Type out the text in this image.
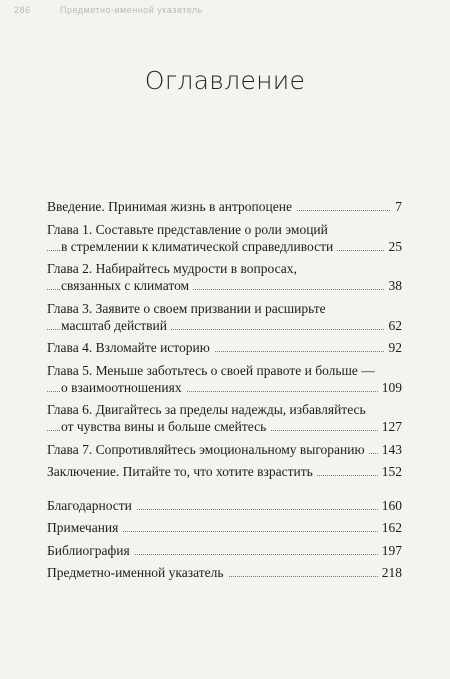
286	Предметно-именной указатель
Оглавление
Введение. Принимая жизнь в антропоцене	7
Глава 1. Составьте представление о роли эмоций
в стремлении к климатической справедливости	25
Глава 2. Набирайтесь мудрости в вопросах,
связанных с климатом	38
Глава 3. Заявите о своем призвании и расширьте
масштаб действий	62
Глава 4. Взломайте историю	92
Глава 5. Меньше заботьтесь о своей правоте и больше —
о взаимоотношениях	109
Глава 6. Двигайтесь за пределы надежды, избавляйтесь
от чувства вины и больше смейтесь	127
Глава 7. Сопротивляйтесь эмоциональному выгоранию 143
Заключение. Питайте то, что хотите взрастить	152
Благодарности	160
Примечания	162
Библиография	197
Предметно-именной указатель	218
